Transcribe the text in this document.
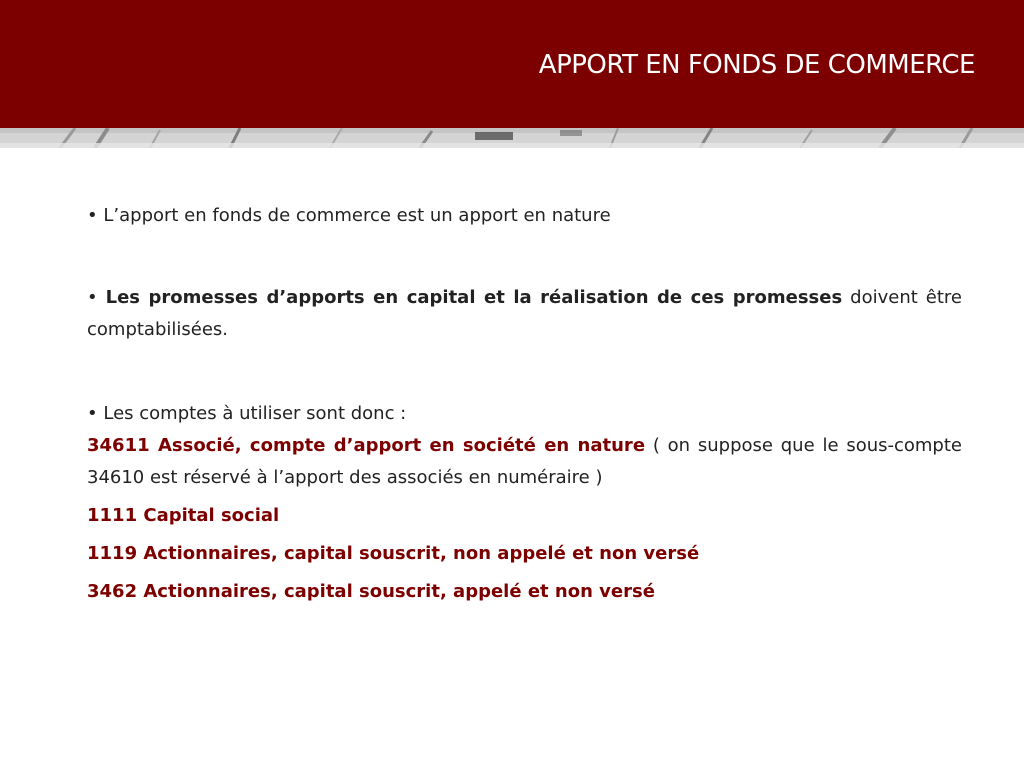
APPORT EN FONDS DE COMMERCE

• L’apport en fonds de commerce est un apport en nature

• Les promesses d’apports en capital et la réalisation de ces promesses doivent être comptabilisées.

• Les comptes à utiliser sont donc :

34611 Associé, compte d’apport en société en nature ( on suppose que le sous-compte 34610 est réservé à l’apport des associés en numéraire )

1111 Capital social

1119 Actionnaires, capital souscrit, non appelé et non versé

3462 Actionnaires, capital souscrit, appelé et non versé
